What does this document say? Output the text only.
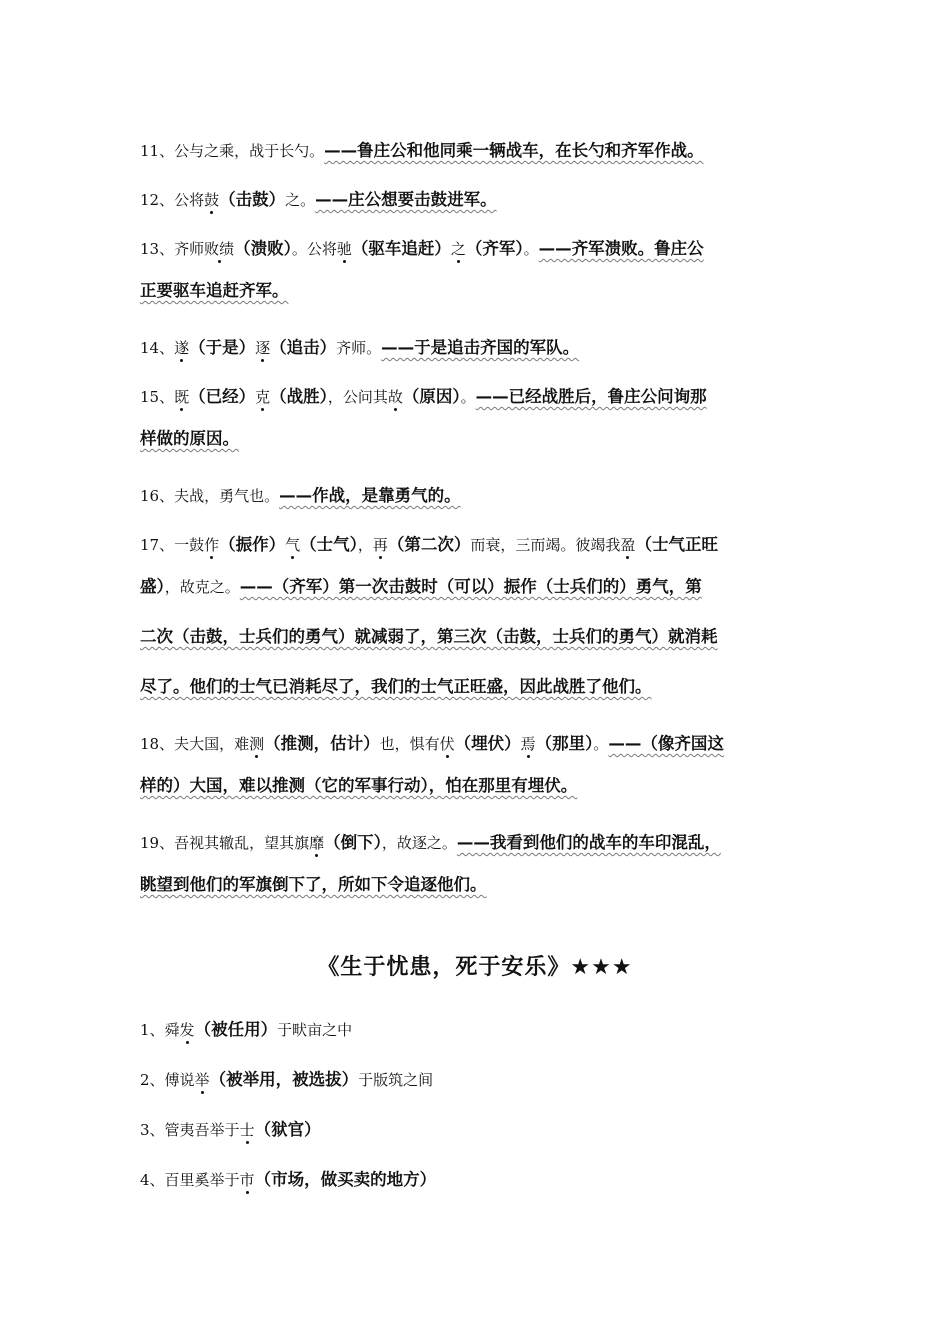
11、公与之乘，战于长勺。——鲁庄公和他同乘一辆战车，在长勺和齐军作战。
12、公将鼓（击鼓）之。——庄公想要击鼓进军。
13、齐师败绩（溃败）。公将驰（驱车追赶）之（齐军）。——齐军溃败。鲁庄公
正要驱车追赶齐军。
14、遂（于是）逐（追击）齐师。——于是追击齐国的军队。
15、既（已经）克（战胜），公问其故（原因）。——已经战胜后，鲁庄公问询那
样做的原因。
16、夫战，勇气也。——作战，是靠勇气的。
17、一鼓作（振作）气（士气），再（第二次）而衰，三而竭。彼竭我盈（士气正旺
盛），故克之。——（齐军）第一次击鼓时（可以）振作（士兵们的）勇气，第
二次（击鼓，士兵们的勇气）就减弱了，第三次（击鼓，士兵们的勇气）就消耗
尽了。他们的士气已消耗尽了，我们的士气正旺盛，因此战胜了他们。
18、夫大国，难测（推测，估计）也，惧有伏（埋伏）焉（那里）。——（像齐国这
样的）大国，难以推测（它的军事行动），怕在那里有埋伏。
19、吾视其辙乱，望其旗靡（倒下），故逐之。——我看到他们的战车的车印混乱，
眺望到他们的军旗倒下了，所如下令追逐他们。
《生于忧患，死于安乐》★★★
1、舜发（被任用）于畎亩之中
2、傅说举（被举用，被选拔）于版筑之间
3、管夷吾举于士（狱官）
4、百里奚举于市（市场，做买卖的地方）
